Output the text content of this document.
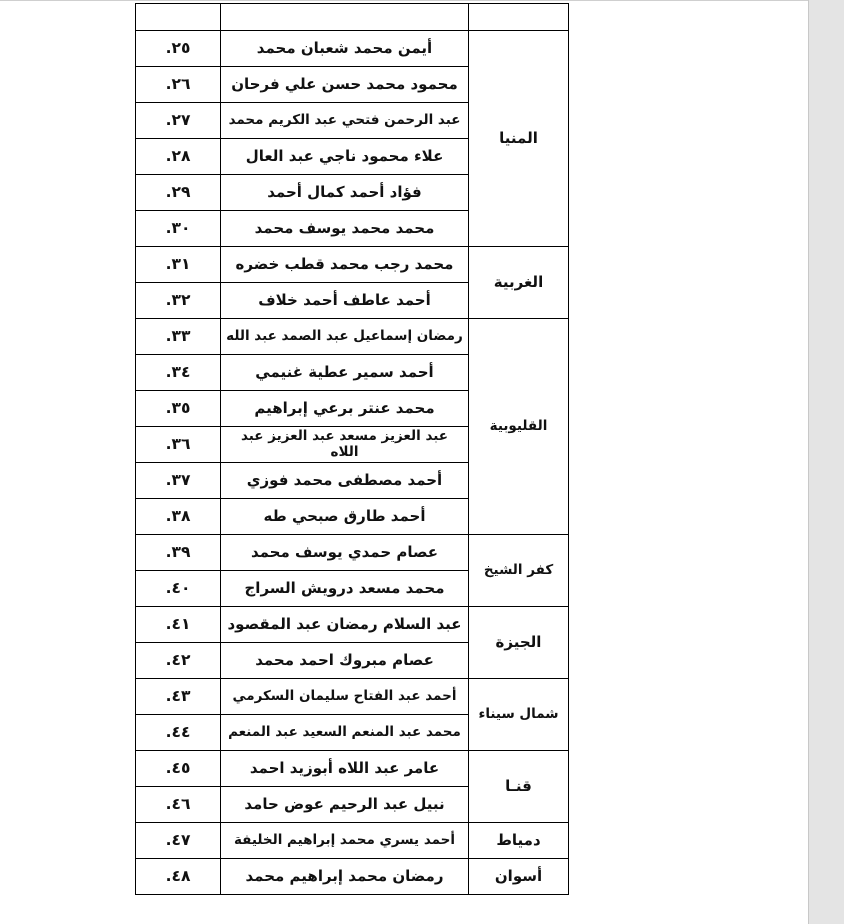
المنيا	أيمن محمد شعبان محمد	.٢٥
	محمود محمد حسن علي فرحان	.٢٦
	عبد الرحمن فتحي عبد الكريم محمد	.٢٧
	علاء محمود ناجي عبد العال	.٢٨
	فؤاد أحمد كمال أحمد	.٢٩
	محمد محمد يوسف محمد	.٣٠
الغربية	محمد رجب محمد قطب خضره	.٣١
	أحمد عاطف أحمد خلاف	.٣٢
القليوبية	رمضان إسماعيل عبد الصمد عبد الله	.٣٣
	أحمد سمير عطية غنيمي	.٣٤
	محمد عنتر برعي إبراهيم	.٣٥
	عبد العزيز مسعد عبد العزيز عبد اللاه	.٣٦
	أحمد مصطفى محمد فوزي	.٣٧
	أحمد طارق صبحي طه	.٣٨
كفر الشيخ	عصام حمدي يوسف محمد	.٣٩
	محمد مسعد درويش السراج	.٤٠
الجيزة	عبد السلام رمضان عبد المقصود	.٤١
	عصام مبروك احمد محمد	.٤٢
شمال سيناء	أحمد عبد الفتاح سليمان السكرمي	.٤٣
	محمد عبد المنعم السعيد عبد المنعم	.٤٤
قنـا	عامر عبد اللاه أبوزيد احمد	.٤٥
	نبيل عبد الرحيم عوض حامد	.٤٦
دمياط	أحمد يسري محمد إبراهيم الخليفة	.٤٧
أسوان	رمضان محمد إبراهيم محمد	.٤٨
